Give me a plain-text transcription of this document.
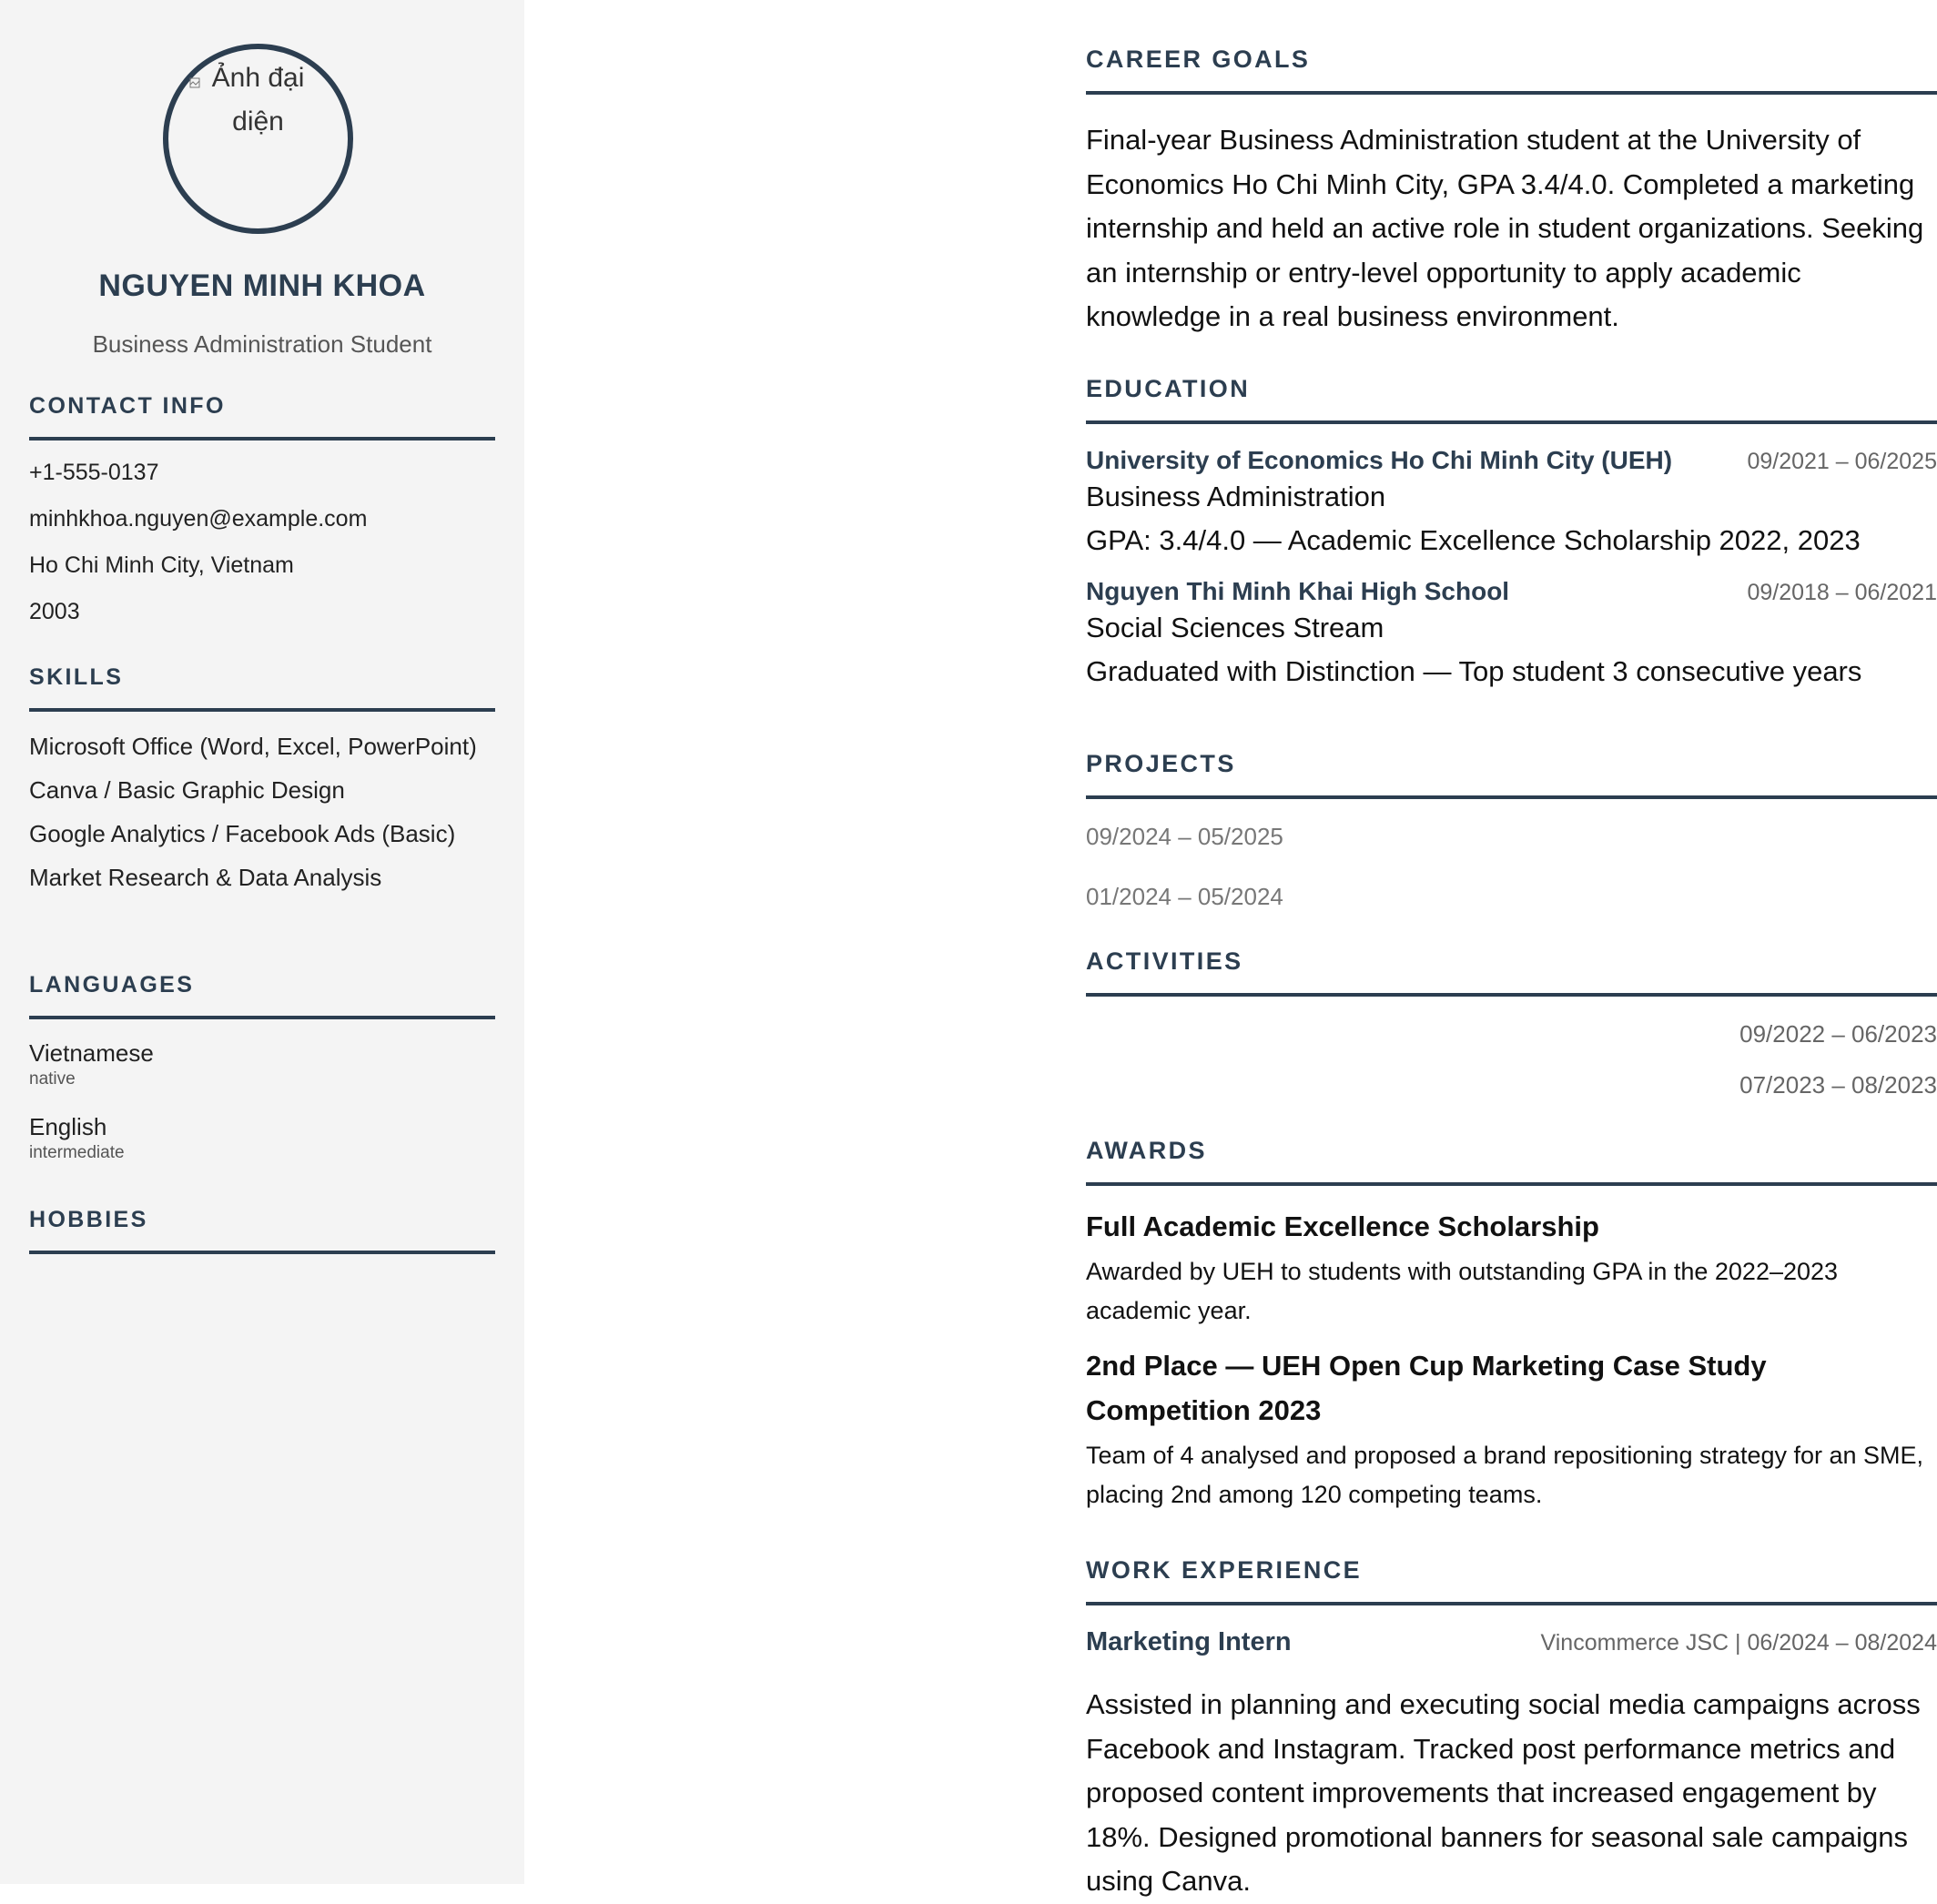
Ảnh đại diện
NGUYEN MINH KHOA
Business Administration Student
CONTACT INFO
+1-555-0137
minhkhoa.nguyen@example.com
Ho Chi Minh City, Vietnam
2003
SKILLS
Microsoft Office (Word, Excel, PowerPoint)
Canva / Basic Graphic Design
Google Analytics / Facebook Ads (Basic)
Market Research & Data Analysis
LANGUAGES
Vietnamese
native
English
intermediate
HOBBIES
CAREER GOALS
Final-year Business Administration student at the University of Economics Ho Chi Minh City, GPA 3.4/4.0. Completed a marketing internship and held an active role in student organizations. Seeking an internship or entry-level opportunity to apply academic knowledge in a real business environment.
EDUCATION
University of Economics Ho Chi Minh City (UEH)	09/2021 – 06/2025
Business Administration
GPA: 3.4/4.0 — Academic Excellence Scholarship 2022, 2023
Nguyen Thi Minh Khai High School	09/2018 – 06/2021
Social Sciences Stream
Graduated with Distinction — Top student 3 consecutive years
PROJECTS
09/2024 – 05/2025
01/2024 – 05/2024
ACTIVITIES
09/2022 – 06/2023
07/2023 – 08/2023
AWARDS
Full Academic Excellence Scholarship
Awarded by UEH to students with outstanding GPA in the 2022–2023 academic year.
2nd Place — UEH Open Cup Marketing Case Study Competition 2023
Team of 4 analysed and proposed a brand repositioning strategy for an SME, placing 2nd among 120 competing teams.
WORK EXPERIENCE
Marketing Intern	Vincommerce JSC | 06/2024 – 08/2024
Assisted in planning and executing social media campaigns across Facebook and Instagram. Tracked post performance metrics and proposed content improvements that increased engagement by 18%. Designed promotional banners for seasonal sale campaigns using Canva.
